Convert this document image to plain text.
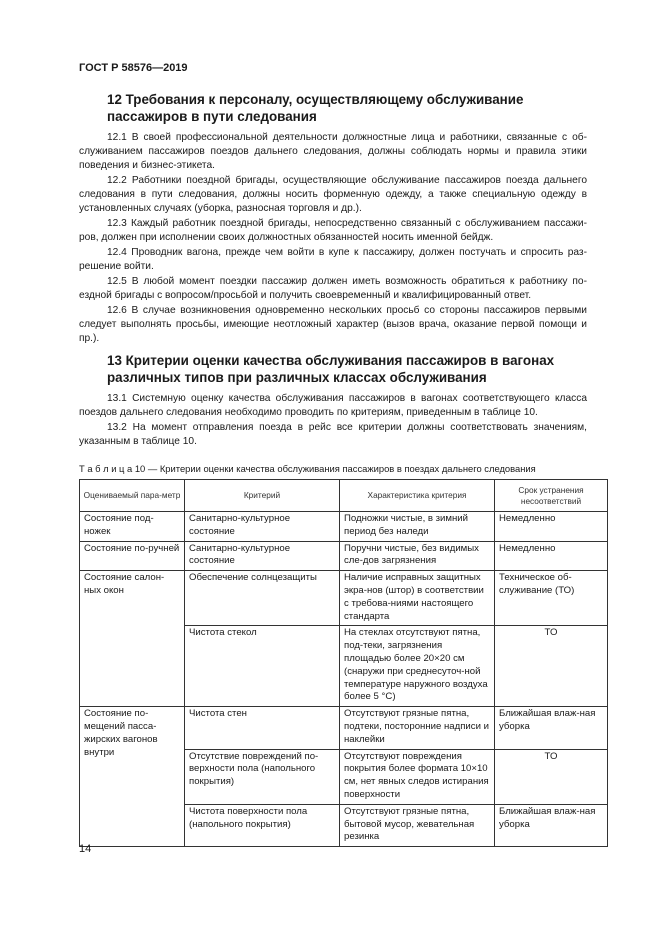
ГОСТ Р 58576—2019
12 Требования к персоналу, осуществляющему обслуживание пассажиров в пути следования
12.1 В своей профессиональной деятельности должностные лица и работники, связанные с об-служиванием пассажиров поездов дальнего следования, должны соблюдать нормы и правила этики поведения и бизнес-этикета.
12.2 Работники поездной бригады, осуществляющие обслуживание пассажиров поезда дальнего следования в пути следования, должны носить форменную одежду, а также специальную одежду в установленных случаях (уборка, разносная торговля и др.).
12.3 Каждый работник поездной бригады, непосредственно связанный с обслуживанием пассажи-ров, должен при исполнении своих должностных обязанностей носить именной бейдж.
12.4 Проводник вагона, прежде чем войти в купе к пассажиру, должен постучать и спросить раз-решение войти.
12.5 В любой момент поездки пассажир должен иметь возможность обратиться к работнику по-ездной бригады с вопросом/просьбой и получить своевременный и квалифицированный ответ.
12.6 В случае возникновения одновременно нескольких просьб со стороны пассажиров первыми следует выполнять просьбы, имеющие неотложный характер (вызов врача, оказание первой помощи и пр.).
13 Критерии оценки качества обслуживания пассажиров в вагонах различных типов при различных классах обслуживания
13.1 Системную оценку качества обслуживания пассажиров в вагонах соответствующего класса поездов дальнего следования необходимо проводить по критериям, приведенным в таблице 10.
13.2 На момент отправления поезда в рейс все критерии должны соответствовать значениям, указанным в таблице 10.
Т а б л и ц а 10 — Критерии оценки качества обслуживания пассажиров в поездах дальнего следования
Оцениваемый пара-метр	Критерий	Характеристика критерия	Срок устранения несоответствий
Состояние под-ножек	Санитарно-культурное состояние	Подножки чистые, в зимний период без наледи	Немедленно
Состояние по-ручней	Санитарно-культурное состояние	Поручни чистые, без видимых сле-дов загрязнения	Немедленно
Состояние салон-ных окон	Обеспечение солнцезащиты	Наличие исправных защитных экра-нов (штор) в соответствии с требова-ниями настоящего стандарта	Техническое об-служивание (ТО)
	Чистота стекол	На стеклах отсутствуют пятна, под-теки, загрязнения площадью более 20×20 см (снаружи при среднесуточ-ной температуре наружного воздуха более 5 °С)	ТО
Состояние по-мещений пасса-жирских вагонов внутри	Чистота стен	Отсутствуют грязные пятна, подтеки, посторонние надписи и наклейки	Ближайшая влаж-ная уборка
	Отсутствие повреждений по-верхности пола (напольного покрытия)	Отсутствуют повреждения покрытия более формата 10×10 см, нет явных следов истирания поверхности	ТО
	Чистота поверхности пола (напольного покрытия)	Отсутствуют грязные пятна, бытовой мусор, жевательная резинка	Ближайшая влаж-ная уборка
14
